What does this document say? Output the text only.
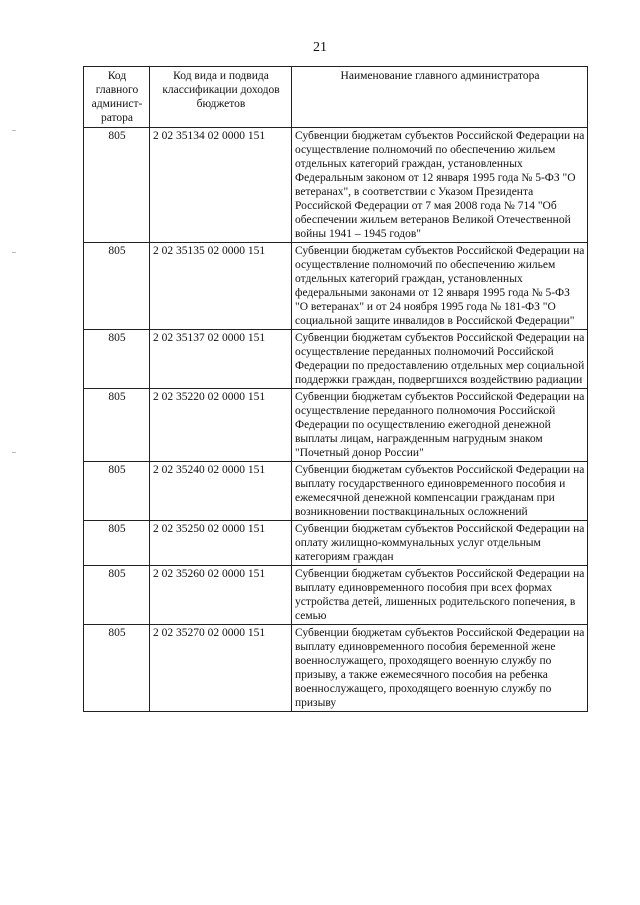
21
Код главного админист-ратора	Код вида и подвида классификации доходов бюджетов	Наименование главного администратора
805	2 02 35134 02 0000 151	Субвенции бюджетам субъектов Российской Федерации на осуществление полномочий по обеспечению жильем отдельных категорий граждан, установленных Федеральным законом от 12 января 1995 года № 5-ФЗ "О ветеранах", в соответствии с Указом Президента Российской Федерации от 7 мая 2008 года № 714 "Об обеспечении жильем ветеранов Великой Отечественной войны 1941 – 1945 годов"
805	2 02 35135 02 0000 151	Субвенции бюджетам субъектов Российской Федерации на осуществление полномочий по обеспечению жильем отдельных категорий граждан, установленных федеральными законами от 12 января 1995 года № 5-ФЗ "О ветеранах" и от 24 ноября 1995 года № 181-ФЗ "О социальной защите инвалидов в Российской Федерации"
805	2 02 35137 02 0000 151	Субвенции бюджетам субъектов Российской Федерации на осуществление переданных полномочий Российской Федерации по предоставлению отдельных мер социальной поддержки граждан, подвергшихся воздействию радиации
805	2 02 35220 02 0000 151	Субвенции бюджетам субъектов Российской Федерации на осуществление переданного полномочия Российской Федерации по осуществлению ежегодной денежной выплаты лицам, награжденным нагрудным знаком "Почетный донор России"
805	2 02 35240 02 0000 151	Субвенции бюджетам субъектов Российской Федерации на выплату государственного единовременного пособия и ежемесячной денежной компенсации гражданам при возникновении поствакцинальных осложнений
805	2 02 35250 02 0000 151	Субвенции бюджетам субъектов Российской Федерации на оплату жилищно-коммунальных услуг отдельным категориям граждан
805	2 02 35260 02 0000 151	Субвенции бюджетам субъектов Российской Федерации на выплату единовременного пособия при всех формах устройства детей, лишенных родительского попечения, в семью
805	2 02 35270 02 0000 151	Субвенции бюджетам субъектов Российской Федерации на выплату единовременного пособия беременной жене военнослужащего, проходящего военную службу по призыву, а также ежемесячного пособия на ребенка военнослужащего, проходящего военную службу по призыву
